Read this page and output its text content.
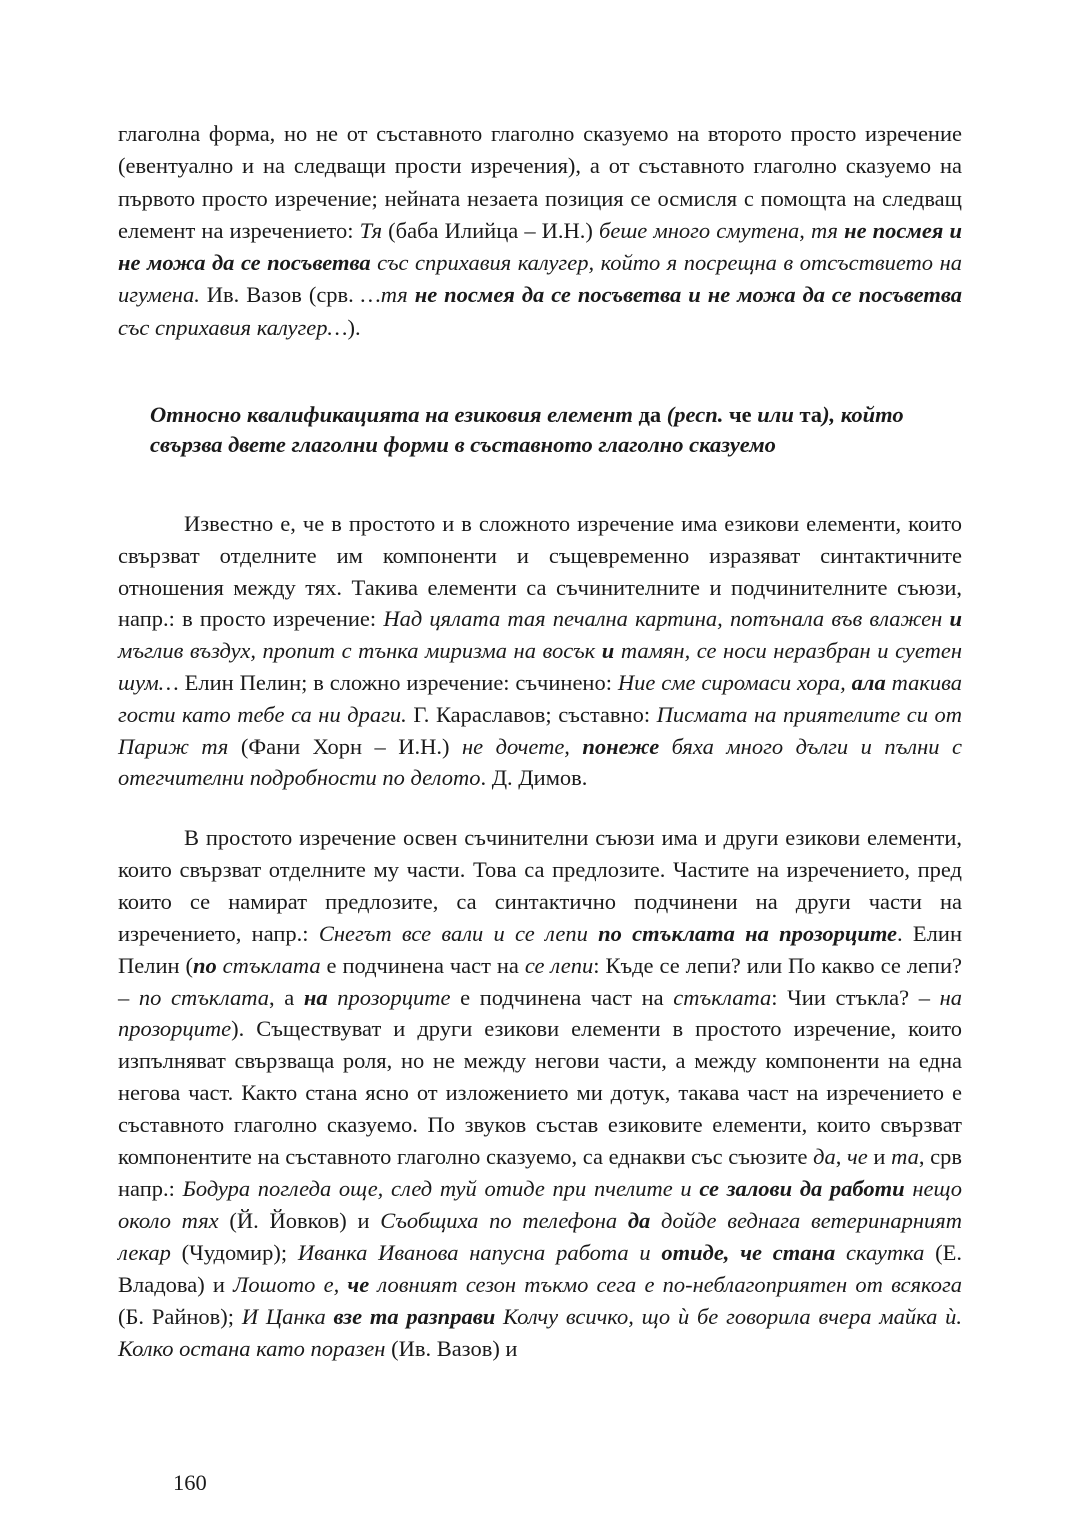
глаголна форма, но не от съставното глаголно сказуемо на второто просто изречение (евентуално и на следващи прости изречения), а от съставното глаголно сказуемо на първото просто изречение; нейната незаета позиция се осмисля с помощта на следващ елемент на изречението: Тя (баба Илийца – И.Н.) беше много смутена, тя не посмея и не можа да се посъветва със сприхавия калугер, който я посрещна в отсъствието на игумена. Ив. Вазов (срв. …тя не посмея да се посъветва и не можа да се посъветва със сприхавия калугер…).

Относно квалификацията на езиковия елемент да (респ. че или та), който свързва двете глаголни форми в съставното глаголно сказуемо

Известно е, че в простото и в сложното изречение има езикови елементи, които свързват отделните им компоненти и същевременно изразяват синтактичните отношения между тях. Такива елементи са съчинителните и подчинителните съюзи, напр.: в просто изречение: Над цялата тая печална картина, потънала във влажен и мъглив въздух, пропит с тънка миризма на восък и тамян, се носи неразбран и суетен шум… Елин Пелин; в сложно изречение: съчинено: Ние сме сиромаси хора, ала такива гости като тебе са ни драги. Г. Караславов; съставно: Писмата на приятелите си от Париж тя (Фани Хорн – И.Н.) не дочете, понеже бяха много дълги и пълни с отегчителни подробности по делото. Д. Димов.

В простото изречение освен съчинителни съюзи има и други езикови елементи, които свързват отделните му части. Това са предлозите. Частите на изречението, пред които се намират предлозите, са синтактично подчинени на други части на изречението, напр.: Снегът все вали и се лепи по стъклата на прозорците. Елин Пелин (по стъклата е подчинена част на се лепи: Къде се лепи? или По какво се лепи? – по стъклата, а на прозорците е подчинена част на стъклата: Чии стъкла? – на прозорците). Съществуват и други езикови елементи в простото изречение, които изпълняват свързваща роля, но не между негови части, а между компоненти на една негова част. Както стана ясно от изложението ми дотук, такава част на изречението е съставното глаголно сказуемо. По звуков състав езиковите елементи, които свързват компонентите на съставното глаголно сказуемо, са еднакви със съюзите да, че и та, срв напр.: Бодура погледа още, след туй отиде при пчелите и се залови да работи нещо около тях (Й. Йовков) и Съобщиха по телефона да дойде веднага ветеринарният лекар (Чудомир); Иванка Иванова напусна работа и отиде, че стана скаутка (Е. Владова) и Лошото е, че ловният сезон тъкмо сега е по-неблагоприятен от всякога (Б. Райнов); И Цанка взе та разправи Колчу всичко, що ѝ бе говорила вчера майка ѝ. Колко остана като поразен (Ив. Вазов) и

160
